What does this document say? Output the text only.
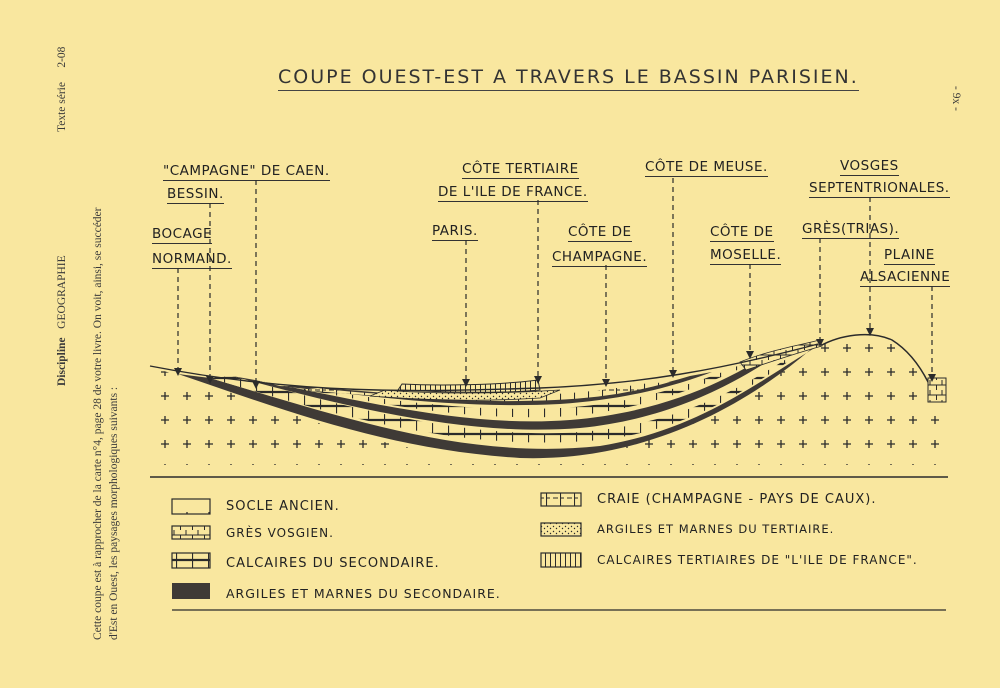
Discipline   GEOGRAPHIE
Texte série     2-08
Cette coupe est à rapprocher de la carte n°4, page 28 de votre livre. On voit, ainsi, se succéder d'Est en Ouest, les paysages morphologiques suivants :
- 9x -
COUPE OUEST-EST A TRAVERS LE BASSIN PARISIEN.
"CAMPAGNE" DE CAEN.
BESSIN.
BOCAGE
NORMAND.
CÔTE TERTIAIRE
DE L'ILE DE FRANCE.
PARIS.	CÔTE DE
CHAMPAGNE.
CÔTE DE MEUSE.
CÔTE DE
MOSELLE.
VOSGES
SEPTENTRIONALES.
GRÈS(TRIAS).
PLAINE
ALSACIENNE
SOCLE ANCIEN.
GRÈS VOSGIEN.
CALCAIRES DU SECONDAIRE.
ARGILES ET MARNES DU SECONDAIRE.
CRAIE (CHAMPAGNE - PAYS DE CAUX).
ARGILES ET MARNES DU TERTIAIRE.
CALCAIRES TERTIAIRES DE "L'ILE DE FRANCE".
